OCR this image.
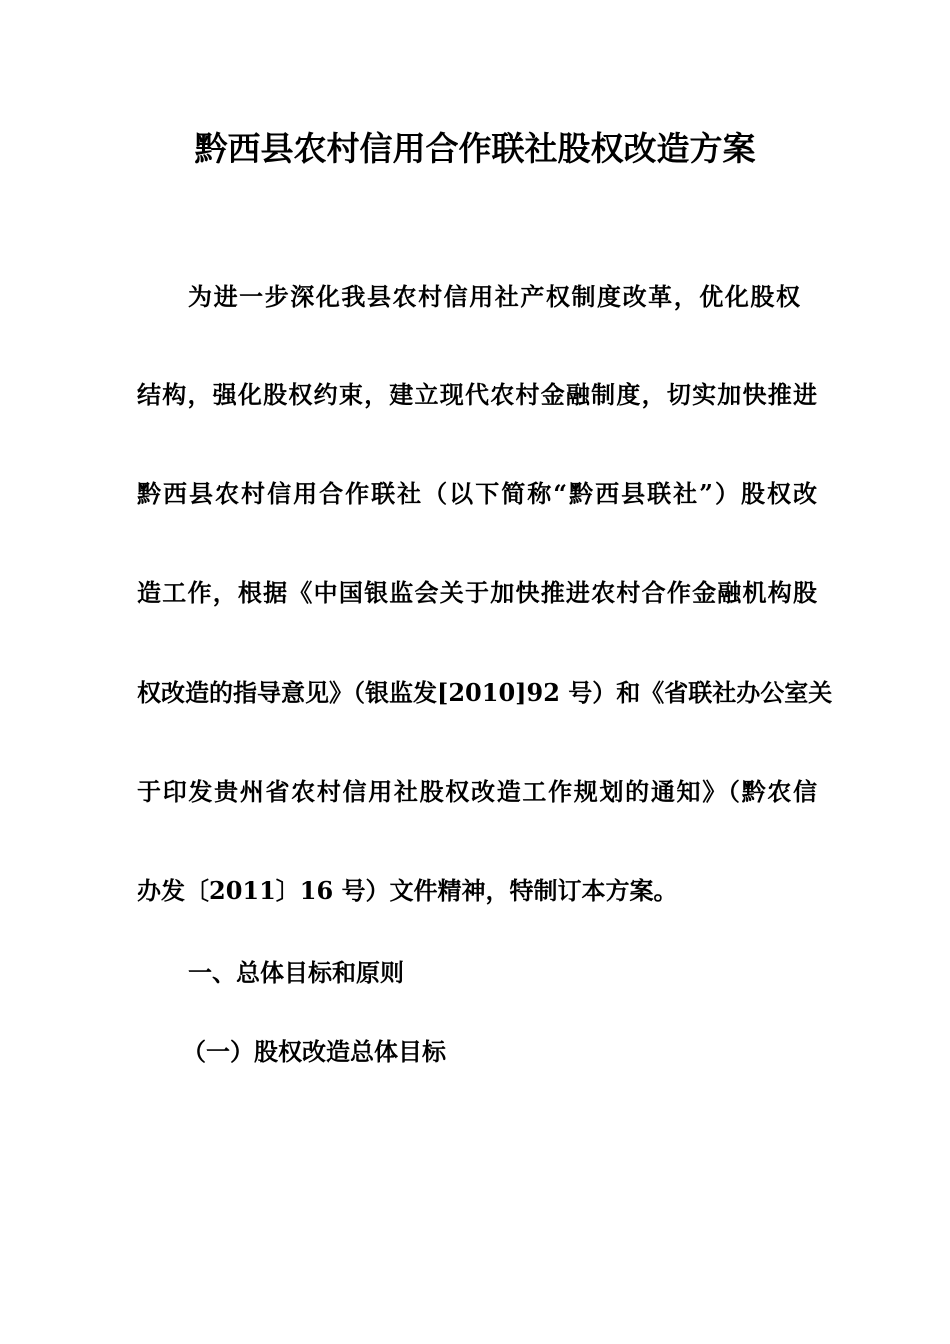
黔西县农村信用合作联社股权改造方案

为进一步深化我县农村信用社产权制度改革，优化股权

结构，强化股权约束，建立现代农村金融制度，切实加快推进

黔西县农村信用合作联社（以下简称“黔西县联社”）股权改

造工作，根据《中国银监会关于加快推进农村合作金融机构股

权改造的指导意见》（银监发[2010]92 号）和《省联社办公室关

于印发贵州省农村信用社股权改造工作规划的通知》（黔农信

办发〔2011〕16 号）文件精神，特制订本方案。

一、总体目标和原则
（一）股权改造总体目标
